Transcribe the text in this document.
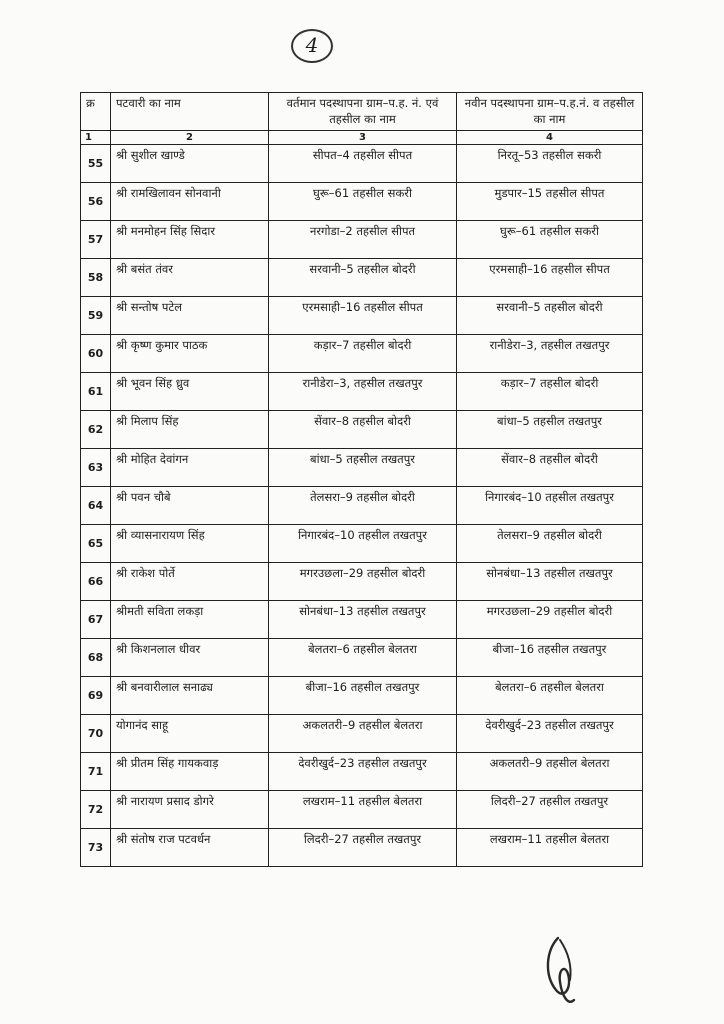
4
क्र	पटवारी का नाम	वर्तमान पदस्थापना ग्राम–प.ह. नं. एवं तहसील का नाम	नवीन पदस्थापना ग्राम–प.ह.नं. व तहसील का नाम
1	2	3	4
55	श्री सुशील खाण्डे	सीपत–4 तहसील सीपत	निरतू–53 तहसील सकरी
56	श्री रामखिलावन सोनवानी	घुरू–61 तहसील सकरी	मुडपार–15 तहसील सीपत
57	श्री मनमोहन सिंह सिदार	नरगोडा–2 तहसील सीपत	घुरू–61 तहसील सकरी
58	श्री बसंत तंवर	सरवानी–5 तहसील बोदरी	एरमसाही–16 तहसील सीपत
59	श्री सन्तोष पटेल	एरमसाही–16 तहसील सीपत	सरवानी–5 तहसील बोदरी
60	श्री कृष्ण कुमार पाठक	कड़ार–7 तहसील बोदरी	रानीडेरा–3, तहसील तखतपुर
61	श्री भूवन सिंह ध्रुव	रानीडेरा–3, तहसील तखतपुर	कड़ार–7 तहसील बोदरी
62	श्री मिलाप सिंह	सेंवार–8 तहसील बोदरी	बांधा–5 तहसील तखतपुर
63	श्री मोहित देवांगन	बांधा–5 तहसील तखतपुर	सेंवार–8 तहसील बोदरी
64	श्री पवन चौबे	तेलसरा–9 तहसील बोदरी	निगारबंद–10 तहसील तखतपुर
65	श्री व्यासनारायण सिंह	निगारबंद–10 तहसील तखतपुर	तेलसरा–9 तहसील बोदरी
66	श्री राकेश पोर्ते	मगरउछला–29 तहसील बोदरी	सोनबंधा–13 तहसील तखतपुर
67	श्रीमती सविता लकड़ा	सोनबंधा–13 तहसील तखतपुर	मगरउछला–29 तहसील बोदरी
68	श्री किशनलाल धीवर	बेलतरा–6 तहसील बेलतरा	बीजा–16 तहसील तखतपुर
69	श्री बनवारीलाल सनाढ्य	बीजा–16 तहसील तखतपुर	बेलतरा–6 तहसील बेलतरा
70	योगानंद साहू	अकलतरी–9 तहसील बेलतरा	देवरीखुर्द–23 तहसील तखतपुर
71	श्री प्रीतम सिंह गायकवाड़	देवरीखुर्द–23 तहसील तखतपुर	अकलतरी–9 तहसील बेलतरा
72	श्री नारायण प्रसाद डोगरे	लखराम–11 तहसील बेलतरा	लिदरी–27 तहसील तखतपुर
73	श्री संतोष राज पटवर्धन	लिदरी–27 तहसील तखतपुर	लखराम–11 तहसील बेलतरा
